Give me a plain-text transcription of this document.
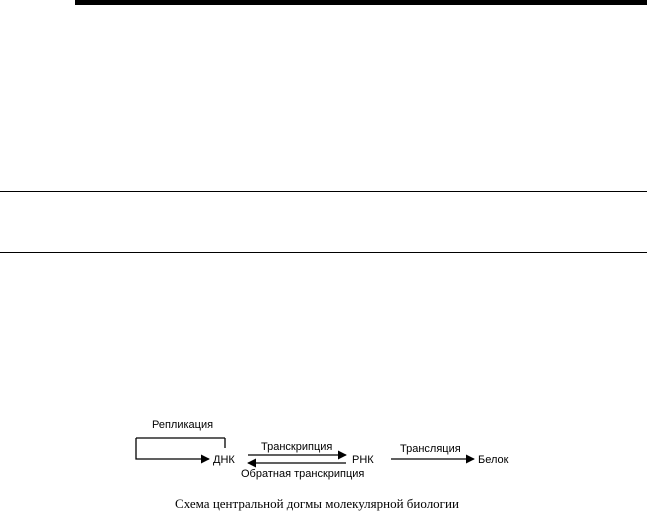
Репликация
ДНК
Транскрипция
Обратная транскрипция
РНК
Трансляция
Белок
Схема центральной догмы молекулярной биологии
